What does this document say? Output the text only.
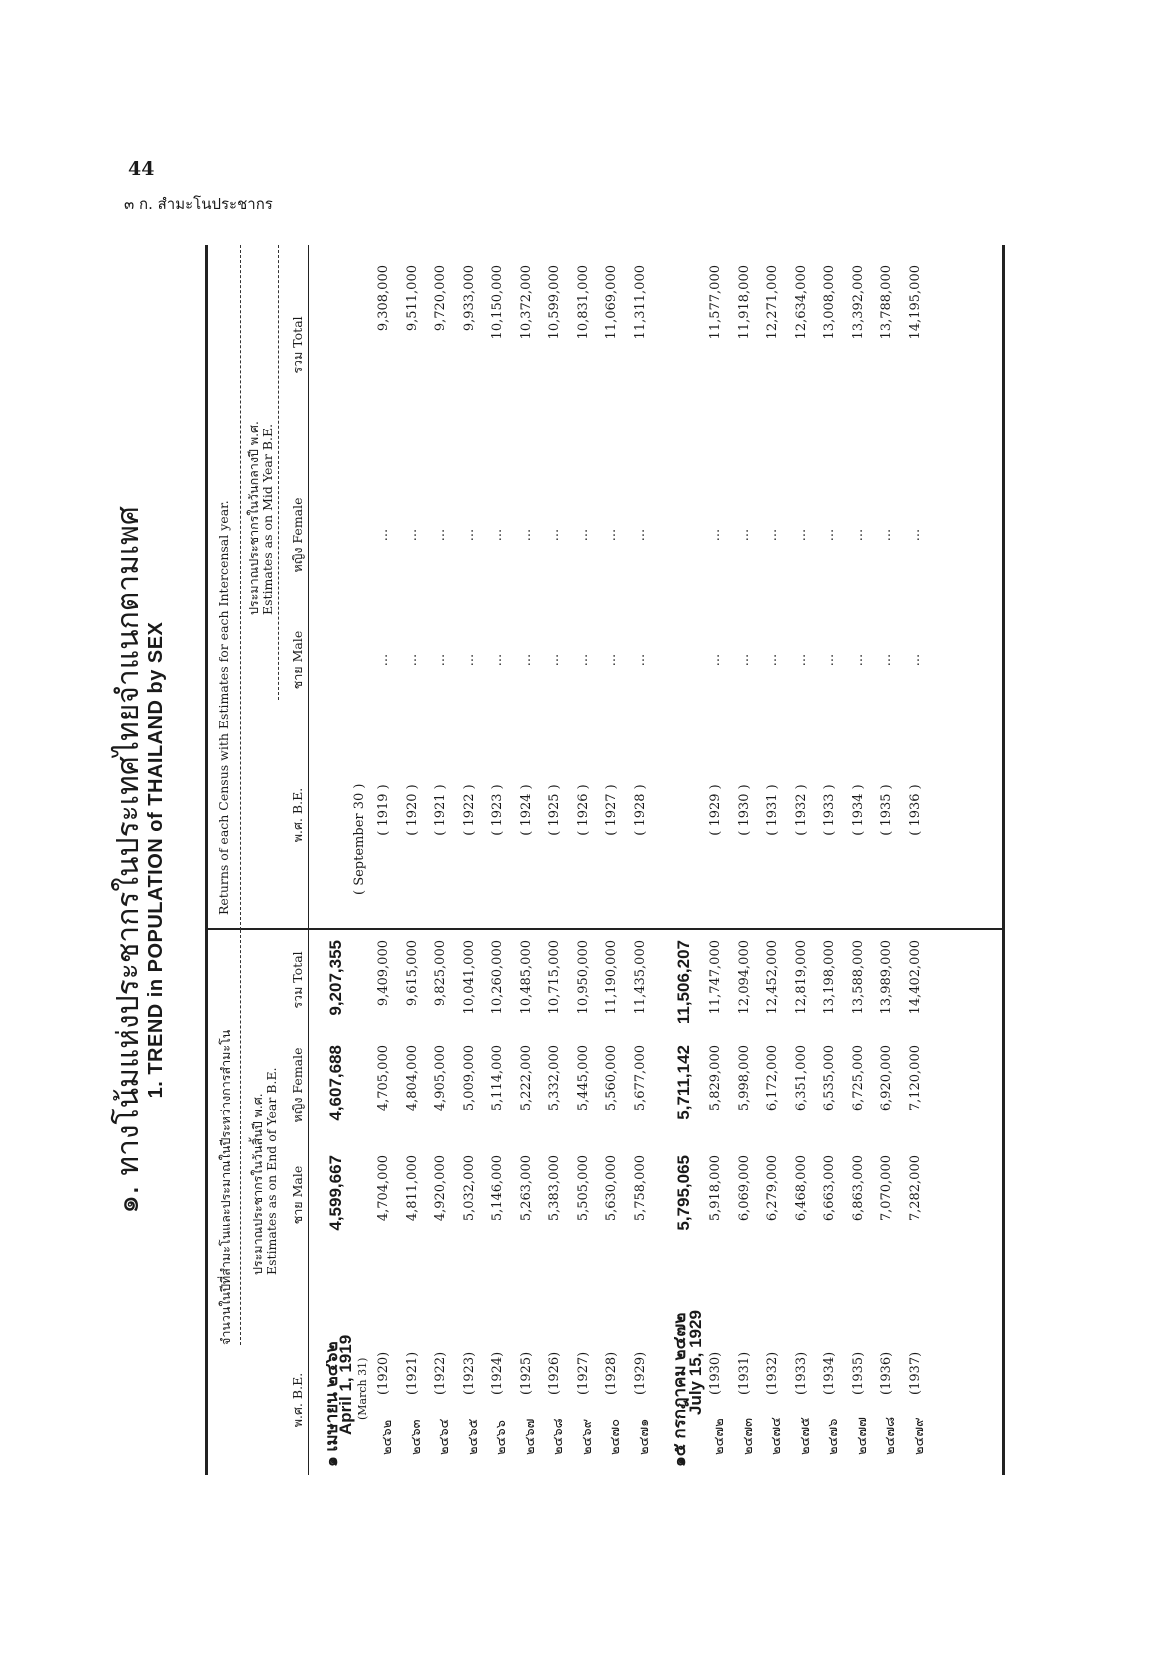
44
๓ ก. สำมะโนประชากร
๑. ทางโน้มแห่งประชากรในประเทศไทยจำแนกตามเพศ 1. TREND in POPULATION of THAILAND by SEX
จำนวนในปีที่สำมะโนและประมาณในปีระหว่างการสำมะโน
Returns of each Census with Estimates for each Intercensal year.
ประมาณประชากรในวันสิ้นปี พ.ศ. Estimates as on End of Year B.E.
ประมาณประชากรในวันกลางปี พ.ศ. Estimates as on Mid Year B.E.
พ.ศ. B.E.
ชาย Male
หญิง Female
รวม Total
พ.ศ. B.E.
ชาย Male
หญิง Female
รวม Total
๑ เมษายน ๒๔๖๒
April 1, 1919 (March 31)
4,599,667
4,607,688
9,207,355
( September 30 )
๑๕ กรกฎาคม ๒๔๗๒
July 15, 1929
5,795,065
5,711,142
11,506,207
๒๔๖๒
(1920)
4,704,000
4,705,000
9,409,000
( 1919 )
...
...
9,308,000
๒๔๖๓
(1921)
4,811,000
4,804,000
9,615,000
( 1920 )
...
...
9,511,000
๒๔๖๔
(1922)
4,920,000
4,905,000
9,825,000
( 1921 )
...
...
9,720,000
๒๔๖๕
(1923)
5,032,000
5,009,000
10,041,000
( 1922 )
...
...
9,933,000
๒๔๖๖
(1924)
5,146,000
5,114,000
10,260,000
( 1923 )
...
...
10,150,000
๒๔๖๗
(1925)
5,263,000
5,222,000
10,485,000
( 1924 )
...
...
10,372,000
๒๔๖๘
(1926)
5,383,000
5,332,000
10,715,000
( 1925 )
...
...
10,599,000
๒๔๖๙
(1927)
5,505,000
5,445,000
10,950,000
( 1926 )
...
...
10,831,000
๒๔๗๐
(1928)
5,630,000
5,560,000
11,190,000
( 1927 )
...
...
11,069,000
๒๔๗๑
(1929)
5,758,000
5,677,000
11,435,000
( 1928 )
...
...
11,311,000
๒๔๗๒
(1930)
5,918,000
5,829,000
11,747,000
( 1929 )
...
...
11,577,000
๒๔๗๓
(1931)
6,069,000
5,998,000
12,094,000
( 1930 )
...
...
11,918,000
๒๔๗๔
(1932)
6,279,000
6,172,000
12,452,000
( 1931 )
...
...
12,271,000
๒๔๗๕
(1933)
6,468,000
6,351,000
12,819,000
( 1932 )
...
...
12,634,000
๒๔๗๖
(1934)
6,663,000
6,535,000
13,198,000
( 1933 )
...
...
13,008,000
๒๔๗๗
(1935)
6,863,000
6,725,000
13,588,000
( 1934 )
...
...
13,392,000
๒๔๗๘
(1936)
7,070,000
6,920,000
13,989,000
( 1935 )
...
...
13,788,000
๒๔๗๙
(1937)
7,282,000
7,120,000
14,402,000
( 1936 )
...
...
14,195,000
